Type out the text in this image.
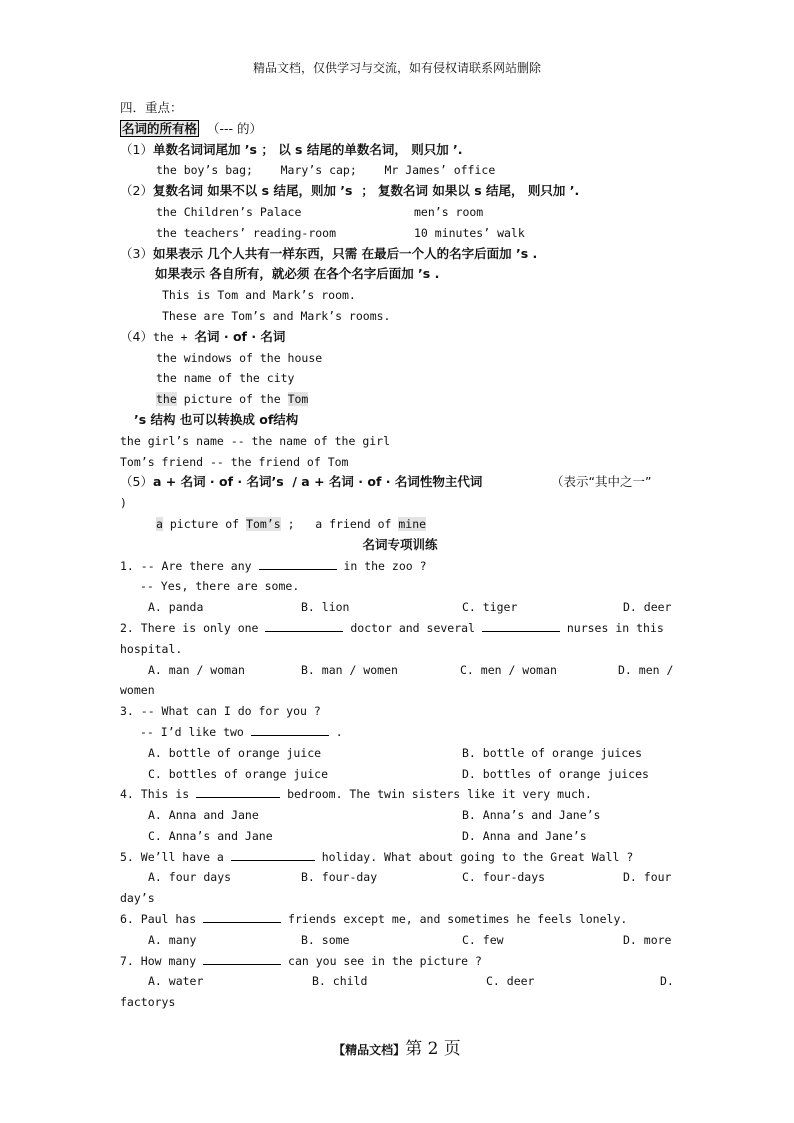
精品文档，仅供学习与交流，如有侵权请联系网站删除
四．重点：
名词的所有格 （--- 的）
（1）单数名词词尾加 ’s ； 以 s 结尾的单数名词， 则只加 ’.
the boy’s bag;    Mary’s cap;    Mr James’ office
（2）复数名词 如果不以 s 结尾，则加 ’s  ； 复数名词 如果以 s 结尾， 则只加 ’.
the Children’s Palace	men’s room
the teachers’ reading-room	10 minutes’ walk
（3）如果表示 几个人共有一样东西，只需 在最后一个人的名字后面加 ’s .
如果表示 各自所有，就必须 在各个名字后面加 ’s .
This is Tom and Mark’s room.
These are Tom’s and Mark’s rooms.
（4）the + 名词 · of · 名词
the windows of the house
the name of the city
the picture of the Tom
’s 结构 也可以转换成 of结构
the girl’s name -- the name of the girl
Tom’s friend -- the friend of Tom
（5）a + 名词 · of · 名词’s  / a + 名词 · of · 名词性物主代词	（表示“其中之一”
)
a picture of Tom’s ;   a friend of mine
名词专项训练
1. -- Are there any	in the zoo ?
-- Yes, there are some.
A. panda	B. lion	C. tiger	D. deer
2. There is only one	doctor and several	nurses in this
hospital.
A. man / woman	B. man / women	C. men / woman	D. men /
women
3. -- What can I do for you ?
-- I’d like two	.
A. bottle of orange juice	B. bottle of orange juices
C. bottles of orange juice	D. bottles of orange juices
4. This is	bedroom. The twin sisters like it very much.
A. Anna and Jane	B. Anna’s and Jane’s
C. Anna’s and Jane	D. Anna and Jane’s
5. We’ll have a	holiday. What about going to the Great Wall ?
A. four days	B. four-day	C. four-days	D. four
day’s
6. Paul has	friends except me, and sometimes he feels lonely.
A. many	B. some	C. few	D. more
7. How many	can you see in the picture ?
A. water	B. child	C. deer	D.
factorys
【精品文档】第 2 页
